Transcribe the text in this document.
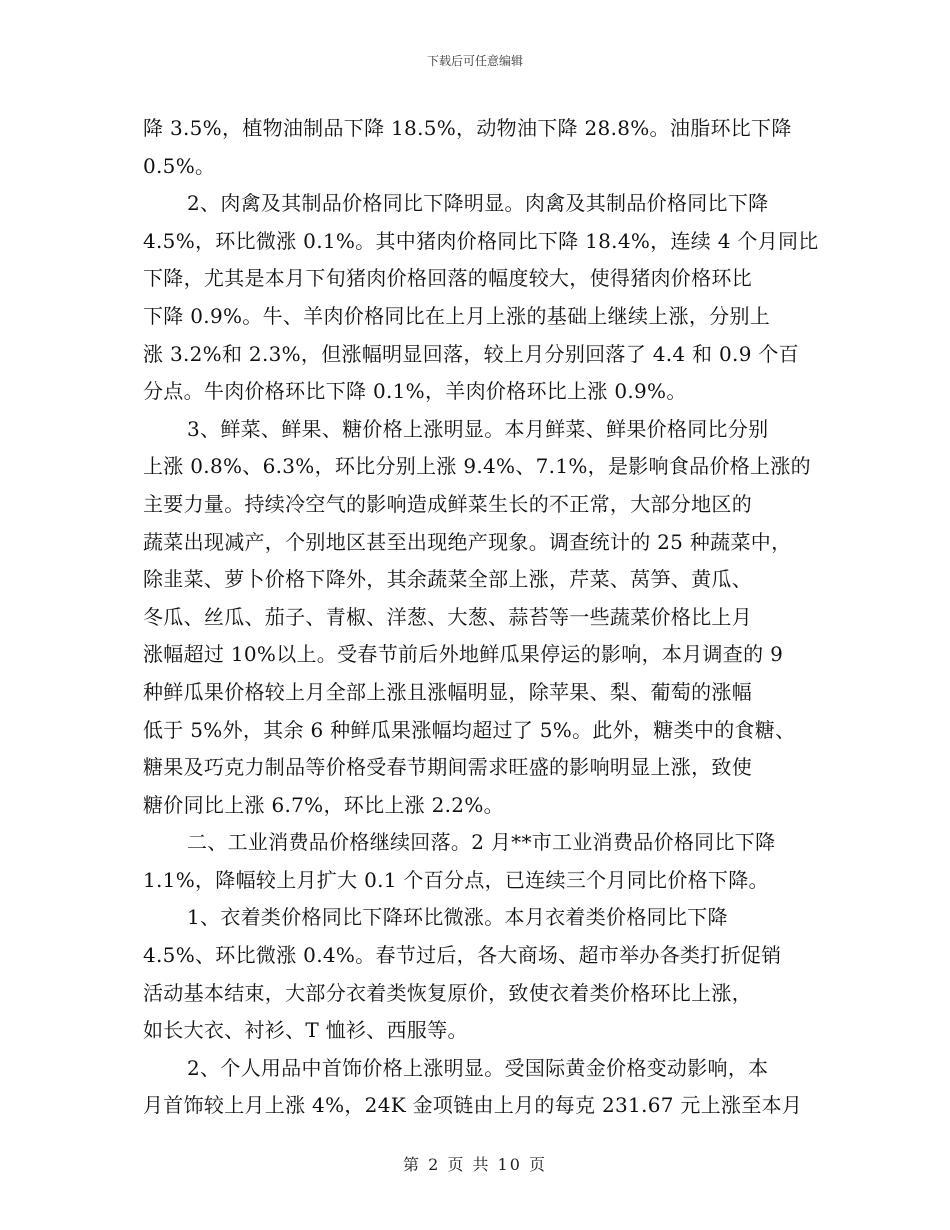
下载后可任意编辑
降 3.5%，植物油制品下降 18.5%，动物油下降 28.8%。油脂环比下降
0.5%。
2、肉禽及其制品价格同比下降明显。肉禽及其制品价格同比下降
4.5%，环比微涨 0.1%。其中猪肉价格同比下降 18.4%，连续 4 个月同比
下降，尤其是本月下旬猪肉价格回落的幅度较大，使得猪肉价格环比
下降 0.9%。牛、羊肉价格同比在上月上涨的基础上继续上涨，分别上
涨 3.2%和 2.3%，但涨幅明显回落，较上月分别回落了 4.4 和 0.9 个百
分点。牛肉价格环比下降 0.1%，羊肉价格环比上涨 0.9%。
3、鲜菜、鲜果、糖价格上涨明显。本月鲜菜、鲜果价格同比分别
上涨 0.8%、6.3%，环比分别上涨 9.4%、7.1%，是影响食品价格上涨的
主要力量。持续冷空气的影响造成鲜菜生长的不正常，大部分地区的
蔬菜出现减产，个别地区甚至出现绝产现象。调查统计的 25 种蔬菜中，
除韭菜、萝卜价格下降外，其余蔬菜全部上涨，芹菜、莴笋、黄瓜、
冬瓜、丝瓜、茄子、青椒、洋葱、大葱、蒜苔等一些蔬菜价格比上月
涨幅超过 10%以上。受春节前后外地鲜瓜果停运的影响，本月调查的 9
种鲜瓜果价格较上月全部上涨且涨幅明显，除苹果、梨、葡萄的涨幅
低于 5%外，其余 6 种鲜瓜果涨幅均超过了 5%。此外，糖类中的食糖、
糖果及巧克力制品等价格受春节期间需求旺盛的影响明显上涨，致使
糖价同比上涨 6.7%，环比上涨 2.2%。
二、工业消费品价格继续回落。2 月**市工业消费品价格同比下降
1.1%，降幅较上月扩大 0.1 个百分点，已连续三个月同比价格下降。
1、衣着类价格同比下降环比微涨。本月衣着类价格同比下降
4.5%、环比微涨 0.4%。春节过后，各大商场、超市举办各类打折促销
活动基本结束，大部分衣着类恢复原价，致使衣着类价格环比上涨，
如长大衣、衬衫、T 恤衫、西服等。
2、个人用品中首饰价格上涨明显。受国际黄金价格变动影响，本
月首饰较上月上涨 4%，24K 金项链由上月的每克 231.67 元上涨至本月
第 2 页 共 10 页
